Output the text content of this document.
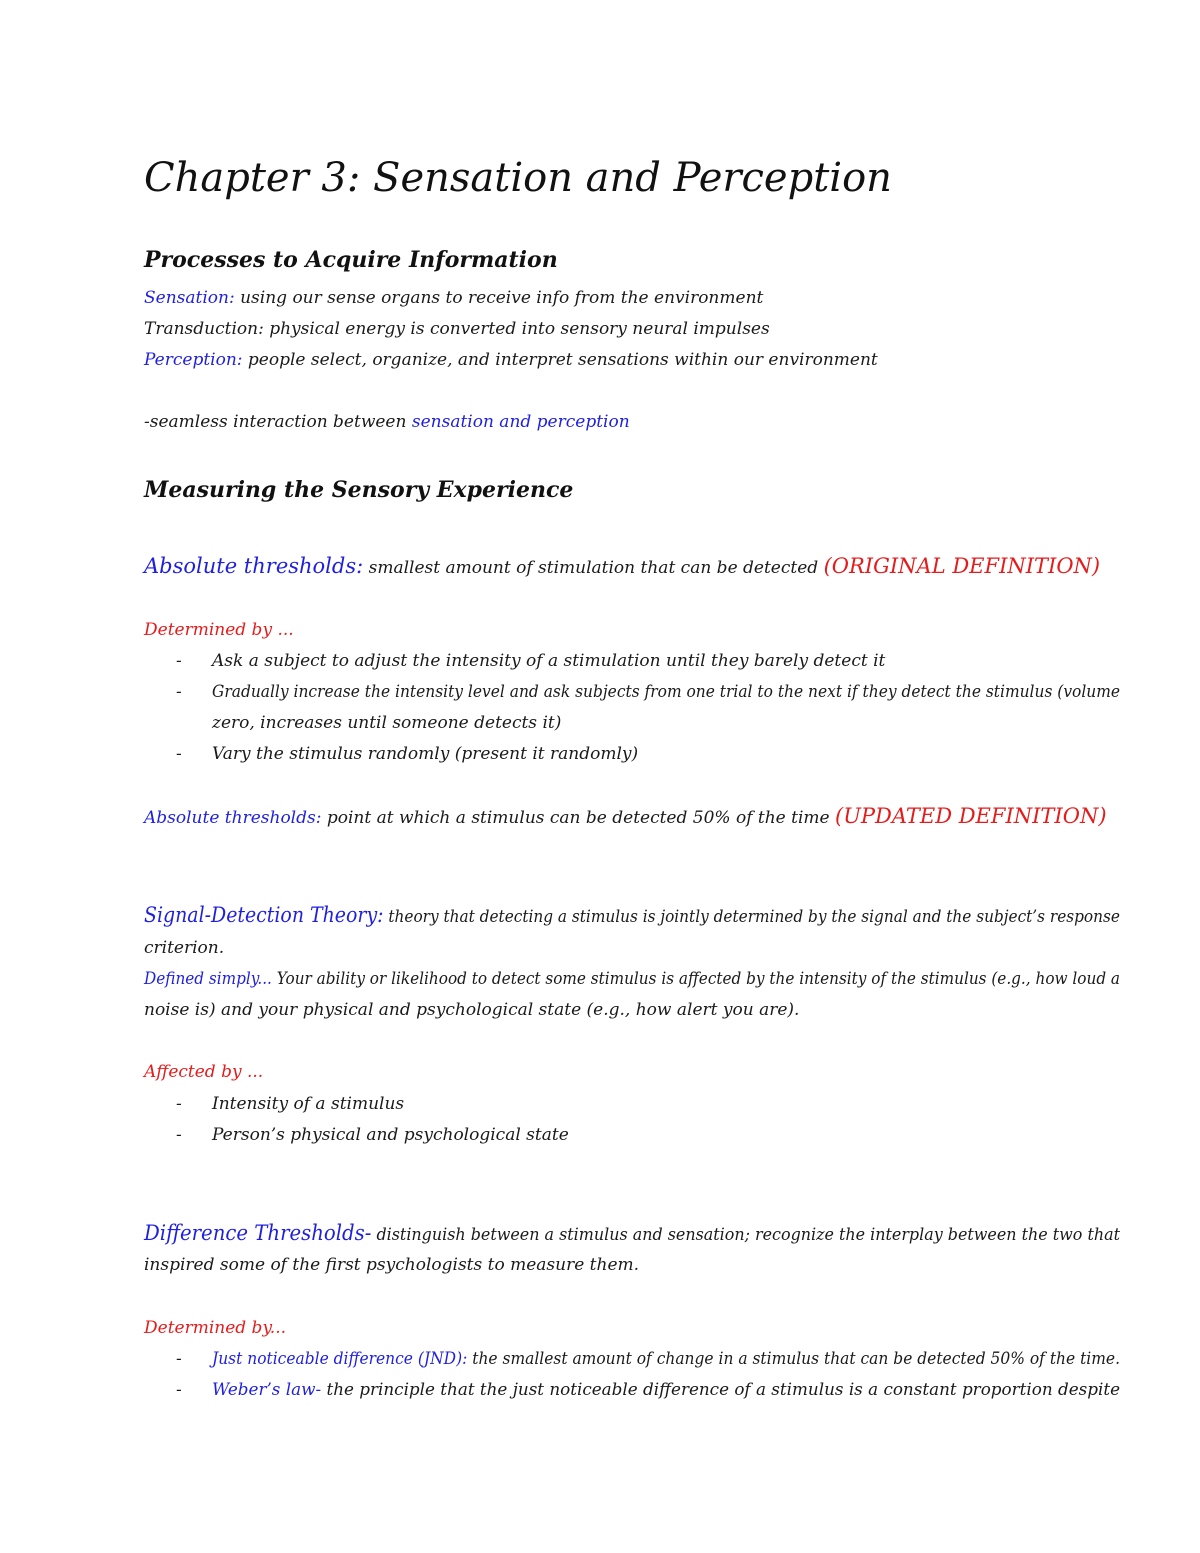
Chapter 3: Sensation and Perception
Processes to Acquire Information
Sensation: using our sense organs to receive info from the environment
Transduction: physical energy is converted into sensory neural impulses
Perception: people select, organize, and interpret sensations within our environment
-seamless interaction between sensation and perception
Measuring the Sensory Experience
Absolute thresholds: smallest amount of stimulation that can be detected (ORIGINAL DEFINITION)
Determined by ...
- Ask a subject to adjust the intensity of a stimulation until they barely detect it
- Gradually increase the intensity level and ask subjects from one trial to the next if they detect the stimulus (volume
zero, increases until someone detects it)
- Vary the stimulus randomly (present it randomly)
Absolute thresholds: point at which a stimulus can be detected 50% of the time (UPDATED DEFINITION)
Signal-Detection Theory: theory that detecting a stimulus is jointly determined by the signal and the subject’s response
criterion.
Defined simply... Your ability or likelihood to detect some stimulus is affected by the intensity of the stimulus (e.g., how loud a
noise is) and your physical and psychological state (e.g., how alert you are).
Affected by ...
- Intensity of a stimulus
- Person’s physical and psychological state
Difference Thresholds- distinguish between a stimulus and sensation; recognize the interplay between the two that
inspired some of the first psychologists to measure them.
Determined by...
- Just noticeable difference (JND): the smallest amount of change in a stimulus that can be detected 50% of the time.
- Weber’s law- the principle that the just noticeable difference of a stimulus is a constant proportion despite
